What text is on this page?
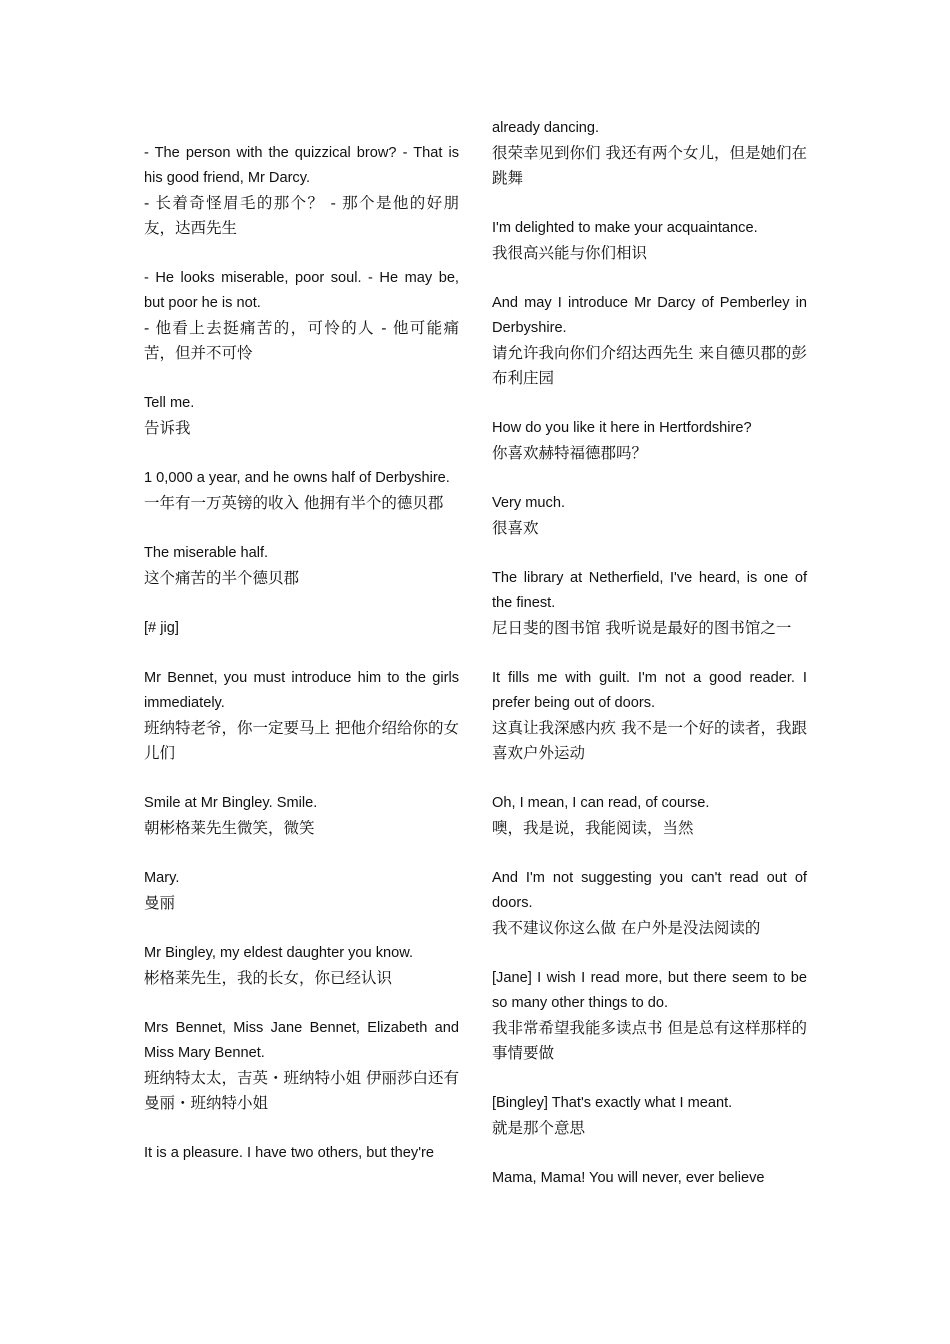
- The person with the quizzical brow? - That is his good friend, Mr Darcy.
- 长着奇怪眉毛的那个？ - 那个是他的好朋友，达西先生
- He looks miserable, poor soul. - He may be, but poor he is not.
- 他看上去挺痛苦的，可怜的人 - 他可能痛苦，但并不可怜
Tell me.
告诉我
1 0,000 a year, and he owns half of Derbyshire.
一年有一万英镑的收入 他拥有半个的德贝郡
The miserable half.
这个痛苦的半个德贝郡
[# jig]
Mr Bennet, you must introduce him to the girls immediately.
班纳特老爷，你一定要马上 把他介绍给你的女儿们
Smile at Mr Bingley. Smile.
朝彬格莱先生微笑，微笑
Mary.
曼丽
Mr Bingley, my eldest daughter you know.
彬格莱先生，我的长女，你已经认识
Mrs Bennet, Miss Jane Bennet, Elizabeth and Miss Mary Bennet.
班纳特太太，吉英・班纳特小姐 伊丽莎白还有曼丽・班纳特小姐
It is a pleasure. I have two others, but they're
already dancing.
很荣幸见到你们 我还有两个女儿，但是她们在跳舞
I'm delighted to make your acquaintance.
我很高兴能与你们相识
And may I introduce Mr Darcy of Pemberley in Derbyshire.
请允许我向你们介绍达西先生 来自德贝郡的彭布利庄园
How do you like it here in Hertfordshire?
你喜欢赫特福德郡吗？
Very much.
很喜欢
The library at Netherfield, I've heard, is one of the finest.
尼日斐的图书馆 我听说是最好的图书馆之一
It fills me with guilt. I'm not a good reader. I prefer being out of doors.
这真让我深感内疚 我不是一个好的读者，我跟喜欢户外运动
Oh, I mean, I can read, of course.
噢，我是说，我能阅读，当然
And I'm not suggesting you can't read out of doors.
我不建议你这么做 在户外是没法阅读的
[Jane] I wish I read more, but there seem to be so many other things to do.
我非常希望我能多读点书 但是总有这样那样的事情要做
[Bingley] That's exactly what I meant.
就是那个意思
Mama, Mama! You will never, ever believe
